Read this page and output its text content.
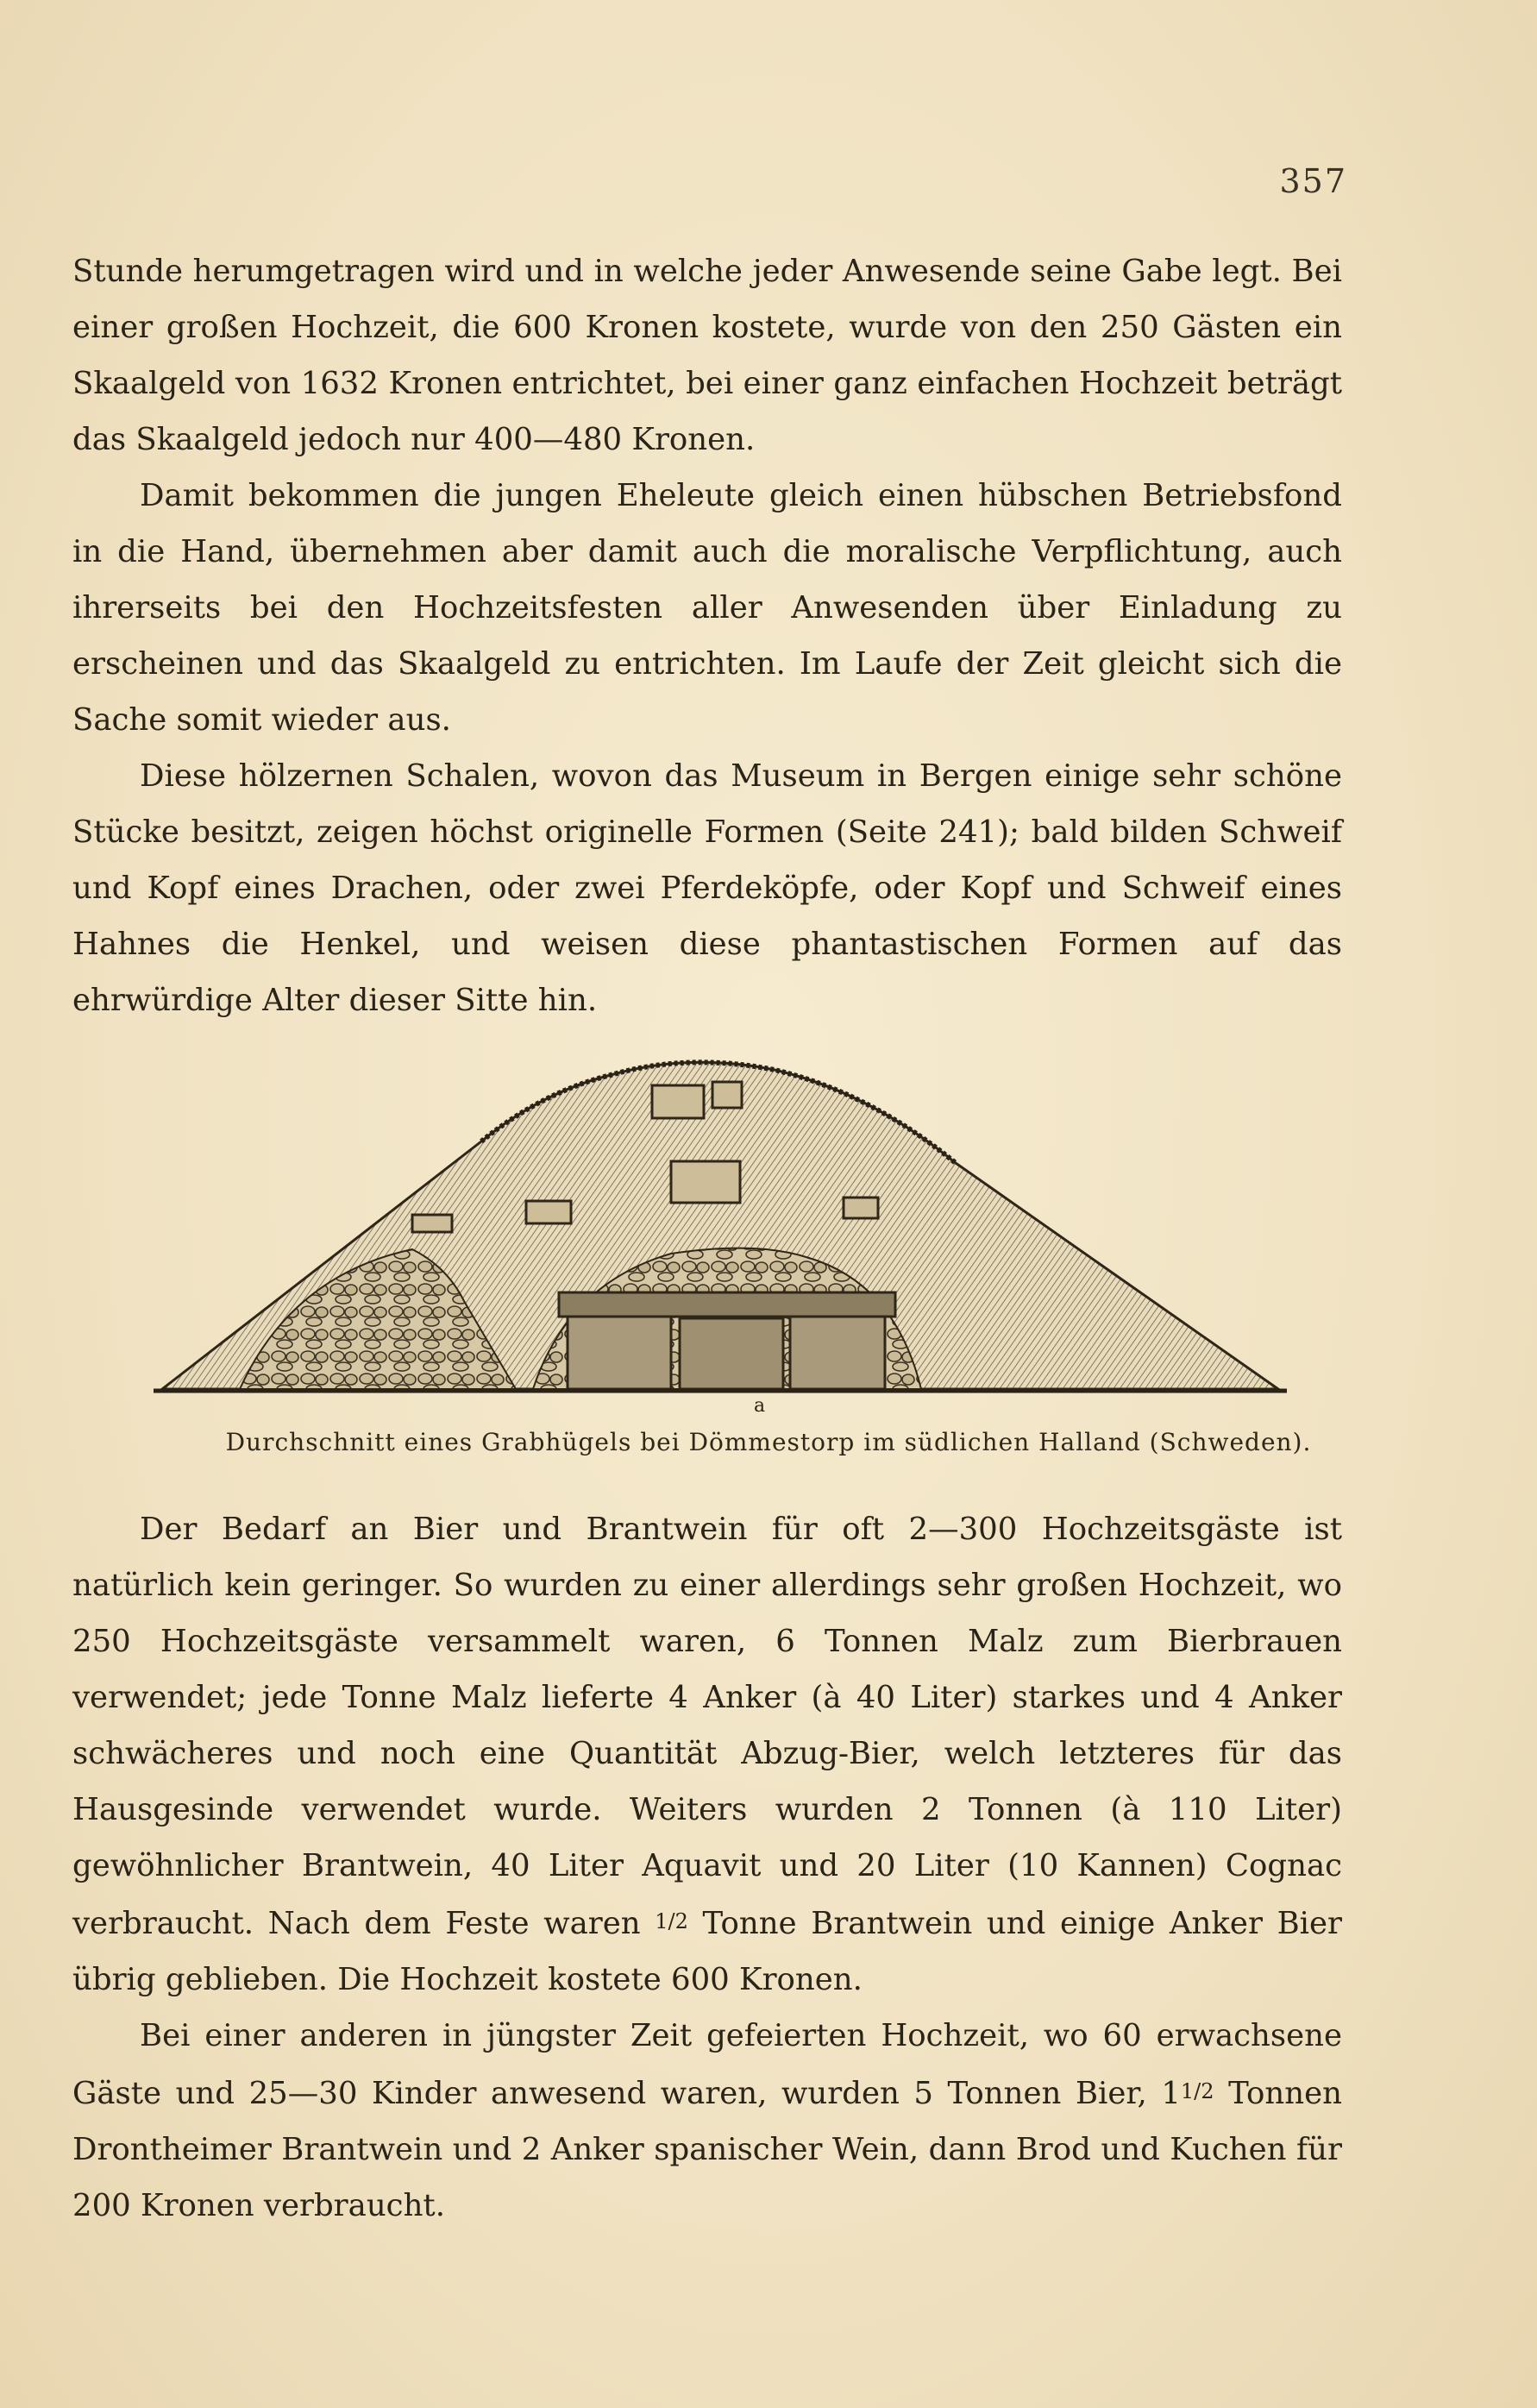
357

Stunde herumgetragen wird und in welche jeder Anwesende seine Gabe legt. Bei einer großen Hochzeit, die 600 Kronen kostete, wurde von den 250 Gästen ein Skaalgeld von 1632 Kronen entrichtet, bei einer ganz einfachen Hochzeit beträgt das Skaalgeld jedoch nur 400—480 Kronen.

Damit bekommen die jungen Eheleute gleich einen hübschen Betriebsfond in die Hand, übernehmen aber damit auch die moralische Verpflichtung, auch ihrerseits bei den Hochzeitsfesten aller Anwesenden über Einladung zu erscheinen und das Skaalgeld zu entrichten. Im Laufe der Zeit gleicht sich die Sache somit wieder aus.

Diese hölzernen Schalen, wovon das Museum in Bergen einige sehr schöne Stücke besitzt, zeigen höchst originelle Formen (Seite 241); bald bilden Schweif und Kopf eines Drachen, oder zwei Pferdeköpfe, oder Kopf und Schweif eines Hahnes die Henkel, und weisen diese phantastischen Formen auf das ehrwürdige Alter dieser Sitte hin.

a
Durchschnitt eines Grabhügels bei Dömmestorp im südlichen Halland (Schweden).

Der Bedarf an Bier und Brantwein für oft 2—300 Hochzeitsgäste ist natürlich kein geringer. So wurden zu einer allerdings sehr großen Hochzeit, wo 250 Hochzeitsgäste versammelt waren, 6 Tonnen Malz zum Bierbrauen verwendet; jede Tonne Malz lieferte 4 Anker (à 40 Liter) starkes und 4 Anker schwächeres und noch eine Quantität Abzug-Bier, welch letzteres für das Hausgesinde verwendet wurde. Weiters wurden 2 Tonnen (à 110 Liter) gewöhnlicher Brantwein, 40 Liter Aquavit und 20 Liter (10 Kannen) Cognac verbraucht. Nach dem Feste waren 1/2 Tonne Brantwein und einige Anker Bier übrig geblieben. Die Hochzeit kostete 600 Kronen.

Bei einer anderen in jüngster Zeit gefeierten Hochzeit, wo 60 erwachsene Gäste und 25—30 Kinder anwesend waren, wurden 5 Tonnen Bier, 11/2 Tonnen Drontheimer Brantwein und 2 Anker spanischer Wein, dann Brod und Kuchen für 200 Kronen verbraucht.
